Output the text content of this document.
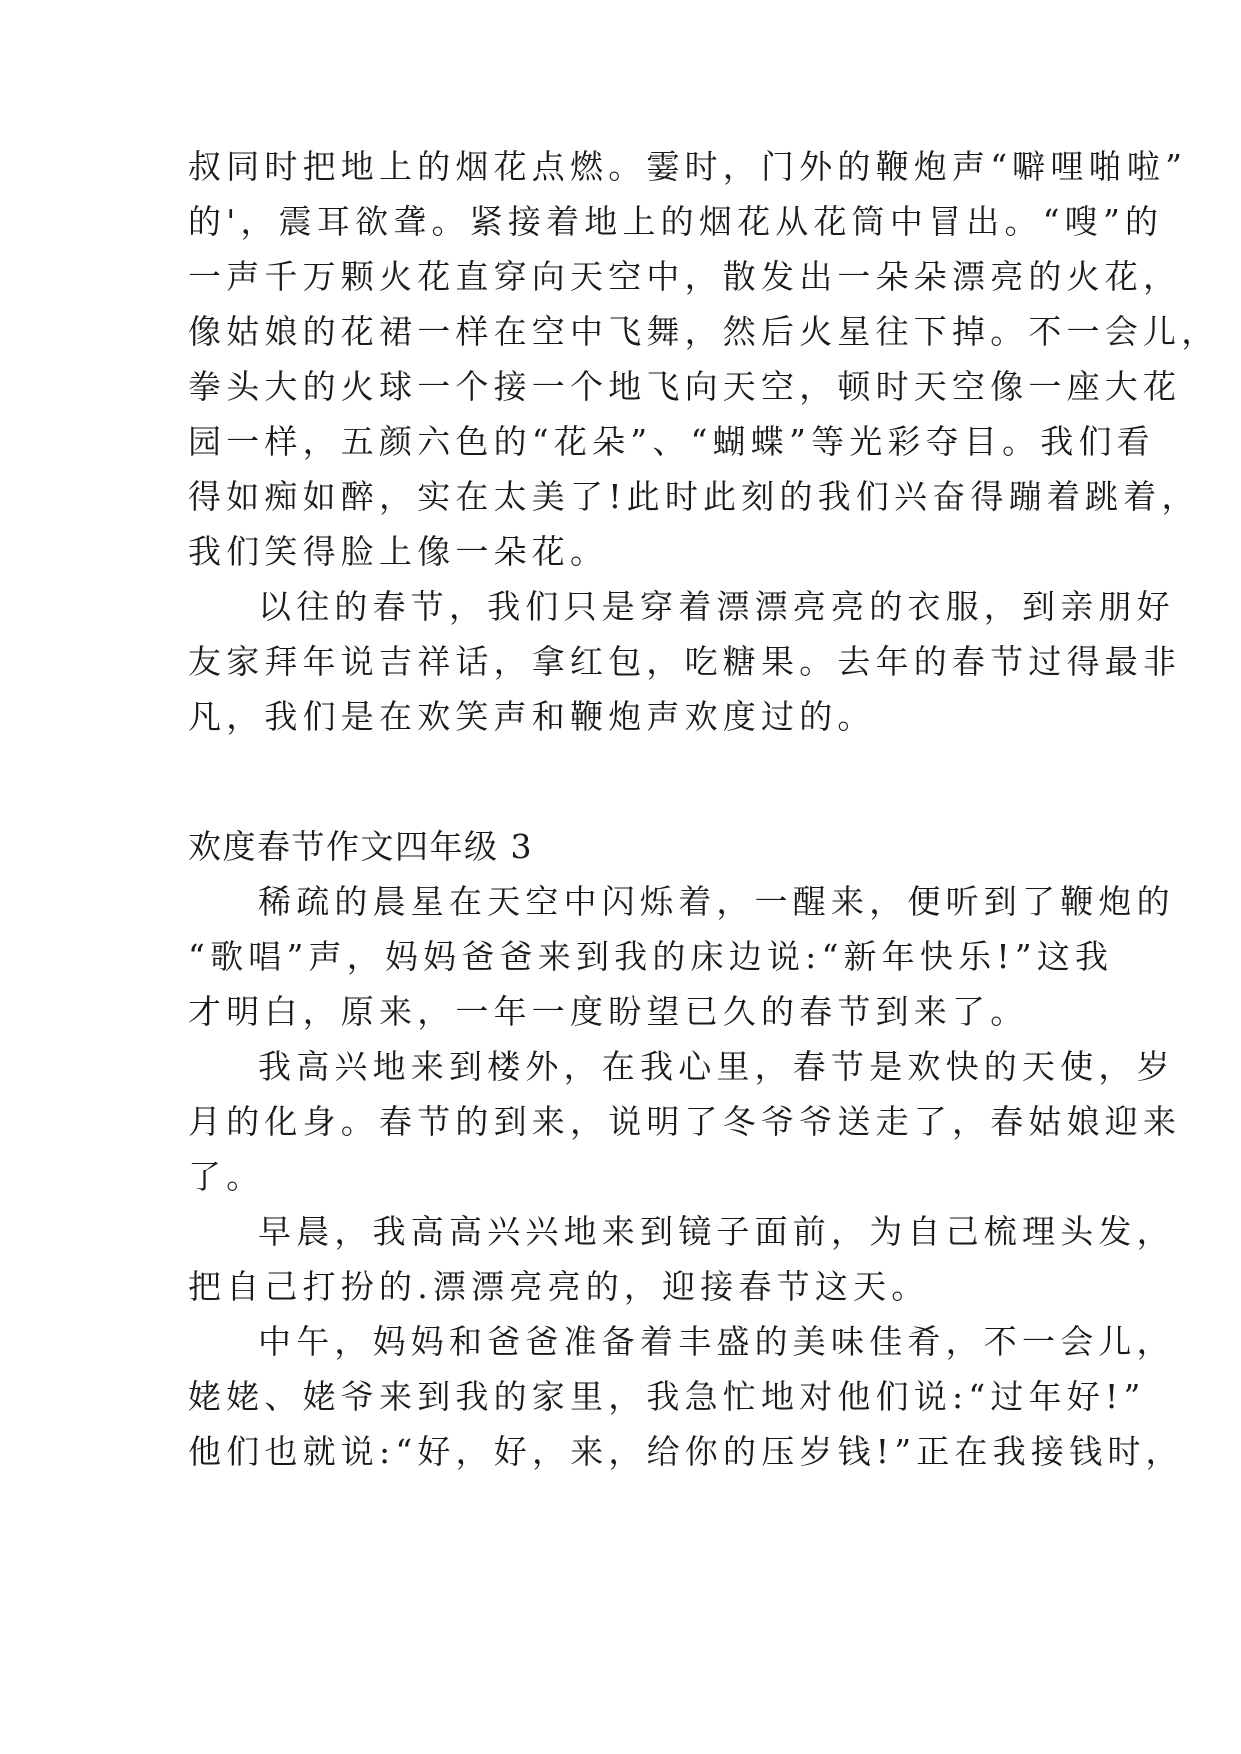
叔同时把地上的烟花点燃。霎时，门外的鞭炮声“噼哩啪啦”
的'，震耳欲聋。紧接着地上的烟花从花筒中冒出。“嗖”的
一声千万颗火花直穿向天空中，散发出一朵朵漂亮的火花，
像姑娘的花裙一样在空中飞舞，然后火星往下掉。不一会儿，
拳头大的火球一个接一个地飞向天空，顿时天空像一座大花
园一样，五颜六色的“花朵”、“蝴蝶”等光彩夺目。我们看
得如痴如醉，实在太美了!此时此刻的我们兴奋得蹦着跳着，
我们笑得脸上像一朵花。
以往的春节，我们只是穿着漂漂亮亮的衣服，到亲朋好
友家拜年说吉祥话，拿红包，吃糖果。去年的春节过得最非
凡，我们是在欢笑声和鞭炮声欢度过的。
欢度春节作文四年级 3
稀疏的晨星在天空中闪烁着，一醒来，便听到了鞭炮的
“歌唱”声，妈妈爸爸来到我的床边说:“新年快乐!”这我
才明白，原来，一年一度盼望已久的春节到来了。
我高兴地来到楼外，在我心里，春节是欢快的天使，岁
月的化身。春节的到来，说明了冬爷爷送走了，春姑娘迎来
了。
早晨，我高高兴兴地来到镜子面前，为自己梳理头发，
把自己打扮的.漂漂亮亮的，迎接春节这天。
中午，妈妈和爸爸准备着丰盛的美味佳肴，不一会儿，
姥姥、姥爷来到我的家里，我急忙地对他们说:“过年好!”
他们也就说:“好，好，来，给你的压岁钱!”正在我接钱时，
